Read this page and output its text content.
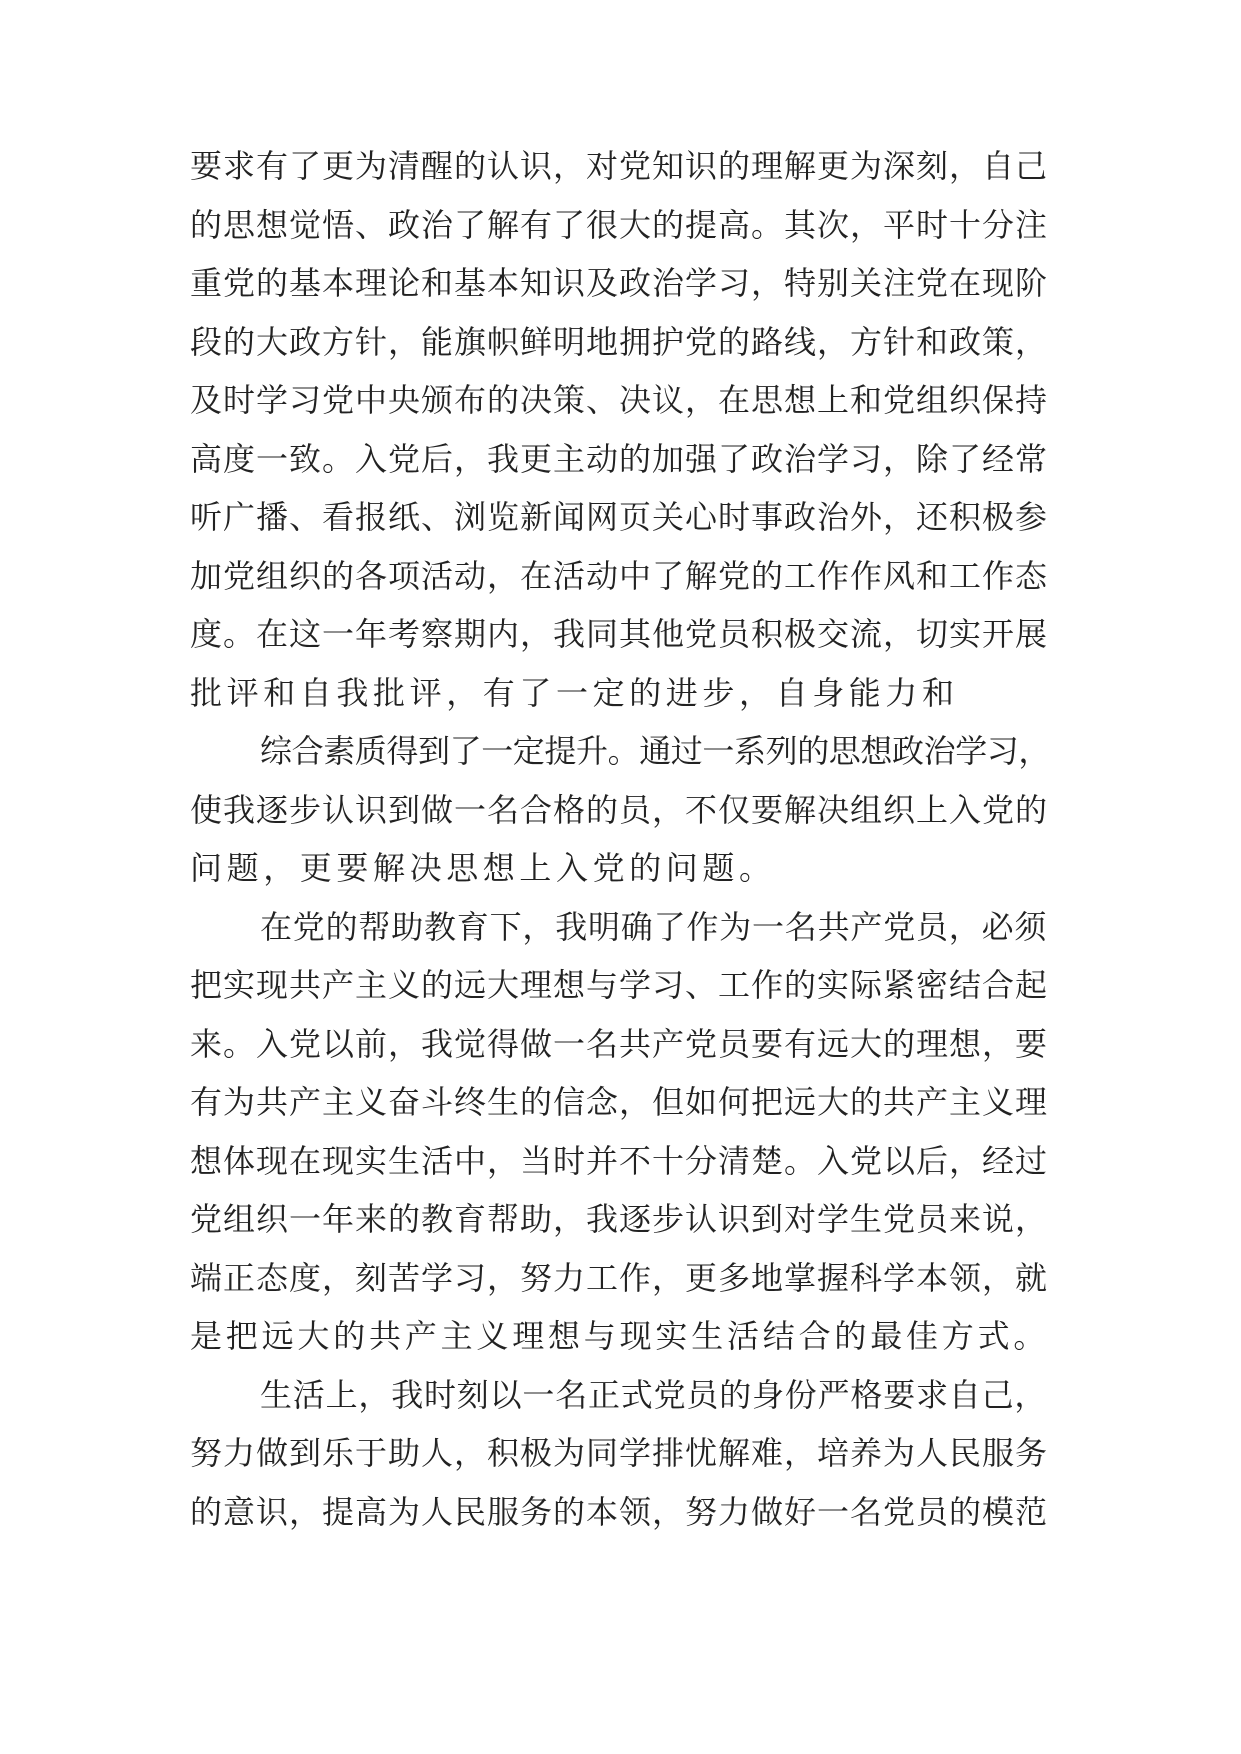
要求有了更为清醒的认识，对党知识的理解更为深刻，自己
的思想觉悟、政治了解有了很大的提高。其次，平时十分注
重党的基本理论和基本知识及政治学习，特别关注党在现阶
段的大政方针，能旗帜鲜明地拥护党的路线，方针和政策，
及时学习党中央颁布的决策、决议，在思想上和党组织保持
高度一致。入党后，我更主动的加强了政治学习，除了经常
听广播、看报纸、浏览新闻网页关心时事政治外，还积极参
加党组织的各项活动，在活动中了解党的工作作风和工作态
度。在这一年考察期内，我同其他党员积极交流，切实开展
批评和自我批评，有了一定的进步，自身能力和
综合素质得到了一定提升。通过一系列的思想政治学习，
使我逐步认识到做一名合格的员，不仅要解决组织上入党的
问题，更要解决思想上入党的问题。
在党的帮助教育下，我明确了作为一名共产党员，必须
把实现共产主义的远大理想与学习、工作的实际紧密结合起
来。入党以前，我觉得做一名共产党员要有远大的理想，要
有为共产主义奋斗终生的信念，但如何把远大的共产主义理
想体现在现实生活中，当时并不十分清楚。入党以后，经过
党组织一年来的教育帮助，我逐步认识到对学生党员来说，
端正态度，刻苦学习，努力工作，更多地掌握科学本领，就
是把远大的共产主义理想与现实生活结合的最佳方式。
生活上，我时刻以一名正式党员的身份严格要求自己，
努力做到乐于助人，积极为同学排忧解难，培养为人民服务
的意识，提高为人民服务的本领，努力做好一名党员的模范
